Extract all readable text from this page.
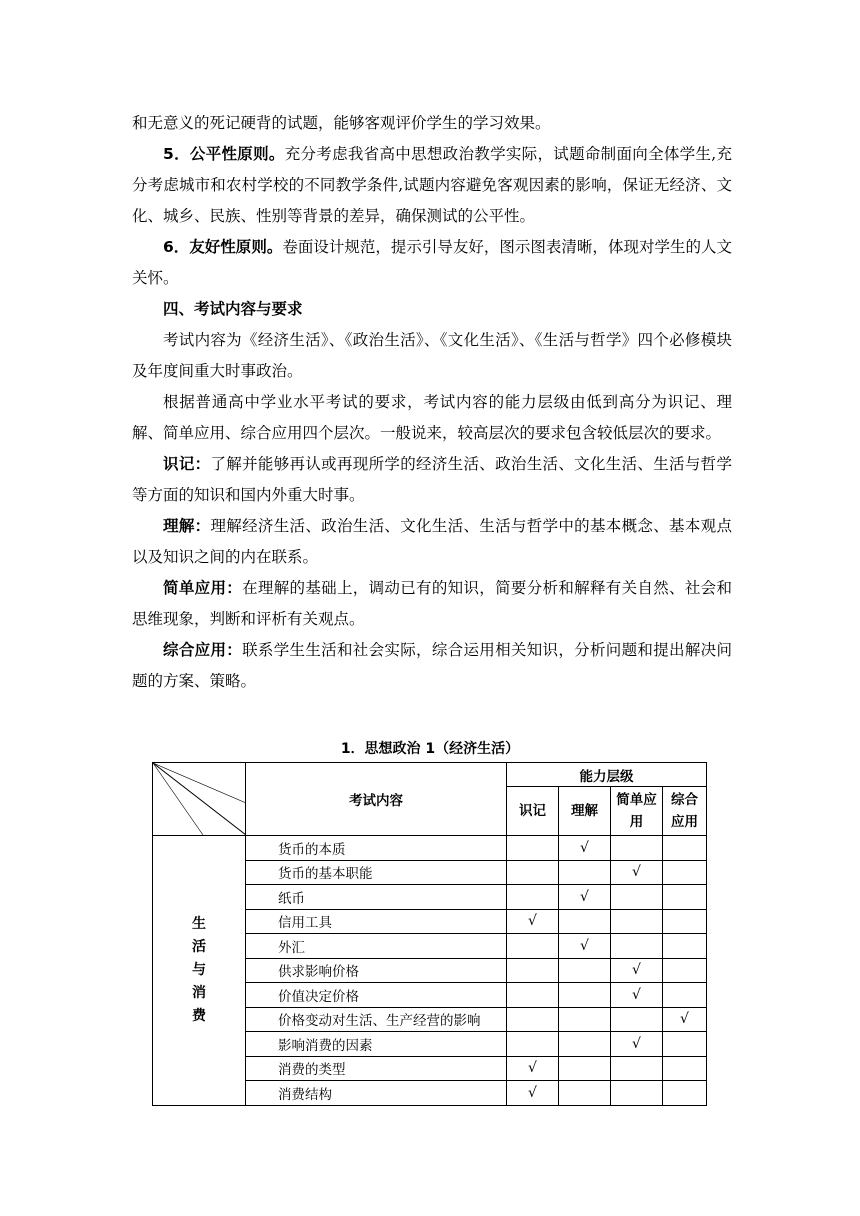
和无意义的死记硬背的试题，能够客观评价学生的学习效果。

5．公平性原则。充分考虑我省高中思想政治教学实际，试题命制面向全体学生,充分考虑城市和农村学校的不同教学条件,试题内容避免客观因素的影响，保证无经济、文化、城乡、民族、性别等背景的差异，确保测试的公平性。

6．友好性原则。卷面设计规范，提示引导友好，图示图表清晰，体现对学生的人文关怀。

四、考试内容与要求

考试内容为《经济生活》、《政治生活》、《文化生活》、《生活与哲学》四个必修模块及年度间重大时事政治。

根据普通高中学业水平考试的要求，考试内容的能力层级由低到高分为识记、理解、简单应用、综合应用四个层次。一般说来，较高层次的要求包含较低层次的要求。

识记：了解并能够再认或再现所学的经济生活、政治生活、文化生活、生活与哲学等方面的知识和国内外重大时事。

理解：理解经济生活、政治生活、文化生活、生活与哲学中的基本概念、基本观点以及知识之间的内在联系。

简单应用：在理解的基础上，调动已有的知识，简要分析和解释有关自然、社会和思维现象，判断和评析有关观点。

综合应用：联系学生生活和社会实际，综合运用相关知识，分析问题和提出解决问题的方案、策略。

1．思想政治 1（经济生活）
	考试内容	能力层级			
		识记	理解	简单应用	综合应用

生活与消费	货币的本质		√		
	货币的基本职能			√	
	纸币		√		
	信用工具	√			
	外汇		√		
	供求影响价格			√	
	价值决定价格			√	
	价格变动对生活、生产经营的影响				√
	影响消费的因素			√	
	消费的类型	√			
	消费结构	√			
